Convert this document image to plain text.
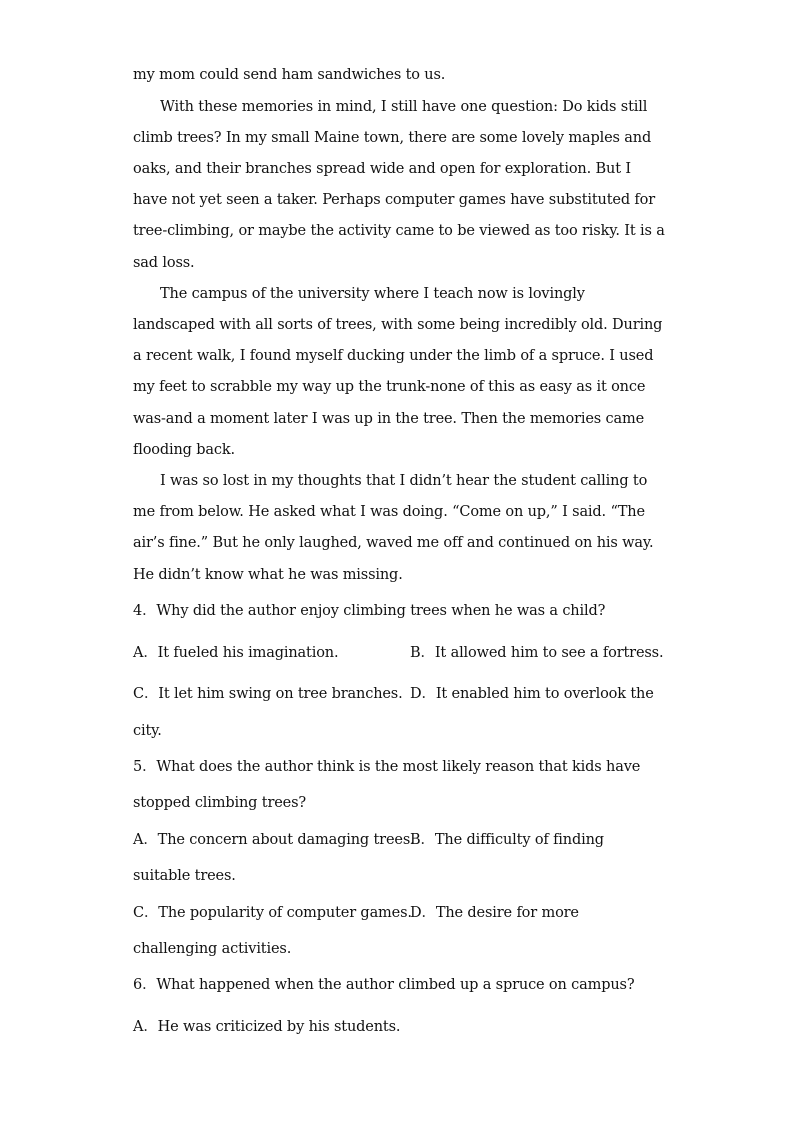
my mom could send ham sandwiches to us.
With these memories in mind, I still have one question: Do kids still
climb trees? In my small Maine town, there are some lovely maples and
oaks, and their branches spread wide and open for exploration. But I
have not yet seen a taker. Perhaps computer games have substituted for
tree-climbing, or maybe the activity came to be viewed as too risky. It is a
sad loss.
The campus of the university where I teach now is lovingly
landscaped with all sorts of trees, with some being incredibly old. During
a recent walk, I found myself ducking under the limb of a spruce. I used
my feet to scrabble my way up the trunk-none of this as easy as it once
was-and a moment later I was up in the tree. Then the memories came
flooding back.
I was so lost in my thoughts that I didn’t hear the student calling to
me from below. He asked what I was doing. “Come on up,” I said. “The
air’s fine.” But he only laughed, waved me off and continued on his way.
He didn’t know what he was missing.
4．Why did the author enjoy climbing trees when he was a child?
A．It fueled his imagination.	B．It allowed him to see a fortress.
C．It let him swing on tree branches. D．It enabled him to overlook the
city.
5．What does the author think is the most likely reason that kids have
stopped climbing trees?
A．The concern about damaging trees.
B．The difficulty of finding
suitable trees.
C．The popularity of computer games.
D．The desire for more
challenging activities.
6．What happened when the author climbed up a spruce on campus?
A．He was criticized by his students.
